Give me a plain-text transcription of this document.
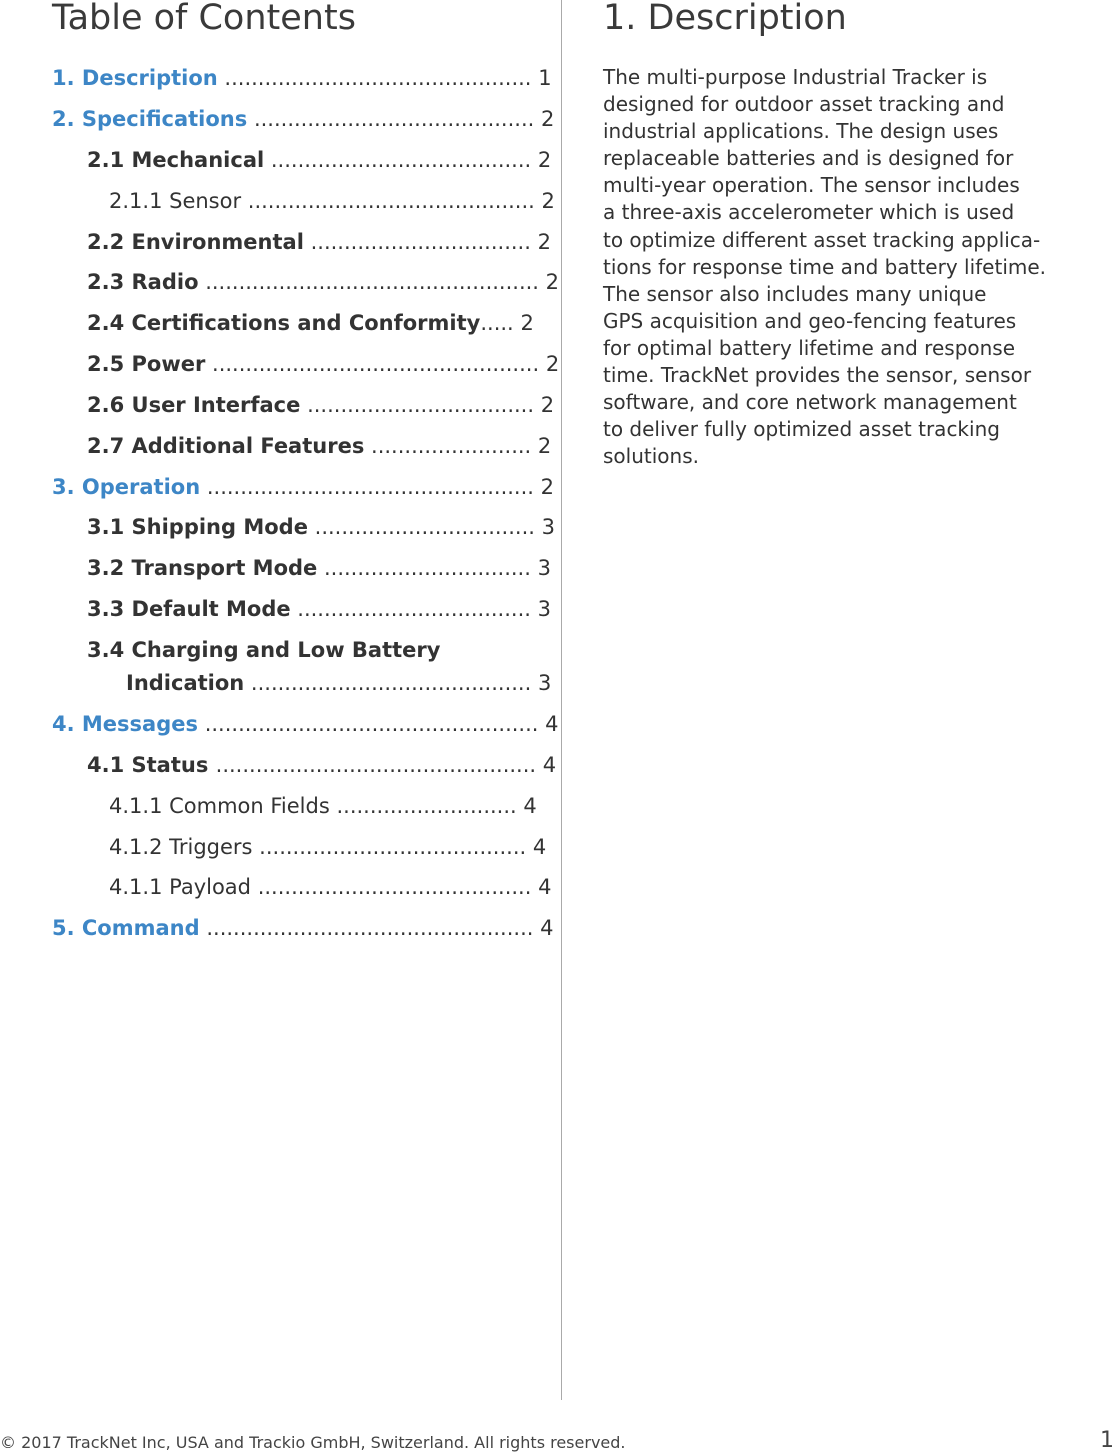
Table of Contents
1. Description .............................................. 1
2. Specifications .......................................... 2
2.1 Mechanical ....................................... 2
2.1.1 Sensor ........................................... 2
2.2 Environmental ................................. 2
2.3 Radio .................................................. 2
2.4 Certifications and Conformity..... 2
2.5 Power ................................................. 2
2.6 User Interface .................................. 2
2.7 Additional Features ........................ 2
3. Operation ................................................. 2
3.1 Shipping Mode ................................. 3
3.2 Transport Mode ............................... 3
3.3 Default Mode ................................... 3
3.4 Charging and Low Battery
Indication .......................................... 3
4. Messages .................................................. 4
4.1 Status ................................................ 4
4.1.1 Common Fields ........................... 4
4.1.2 Triggers ........................................ 4
4.1.1 Payload ......................................... 4
5. Command ................................................. 4
1. Description

The multi-purpose Industrial Tracker is
designed for outdoor asset tracking and
industrial applications. The design uses
replaceable batteries and is designed for
multi-year operation. The sensor includes
a three-axis accelerometer which is used
to optimize different asset tracking applica-
tions for response time and battery lifetime.
The sensor also includes many unique
GPS acquisition and geo-fencing features
for optimal battery lifetime and response
time. TrackNet provides the sensor, sensor
software, and core network management
to deliver fully optimized asset tracking
solutions.

© 2017 TrackNet Inc, USA and Trackio GmbH, Switzerland. All rights reserved.	1
